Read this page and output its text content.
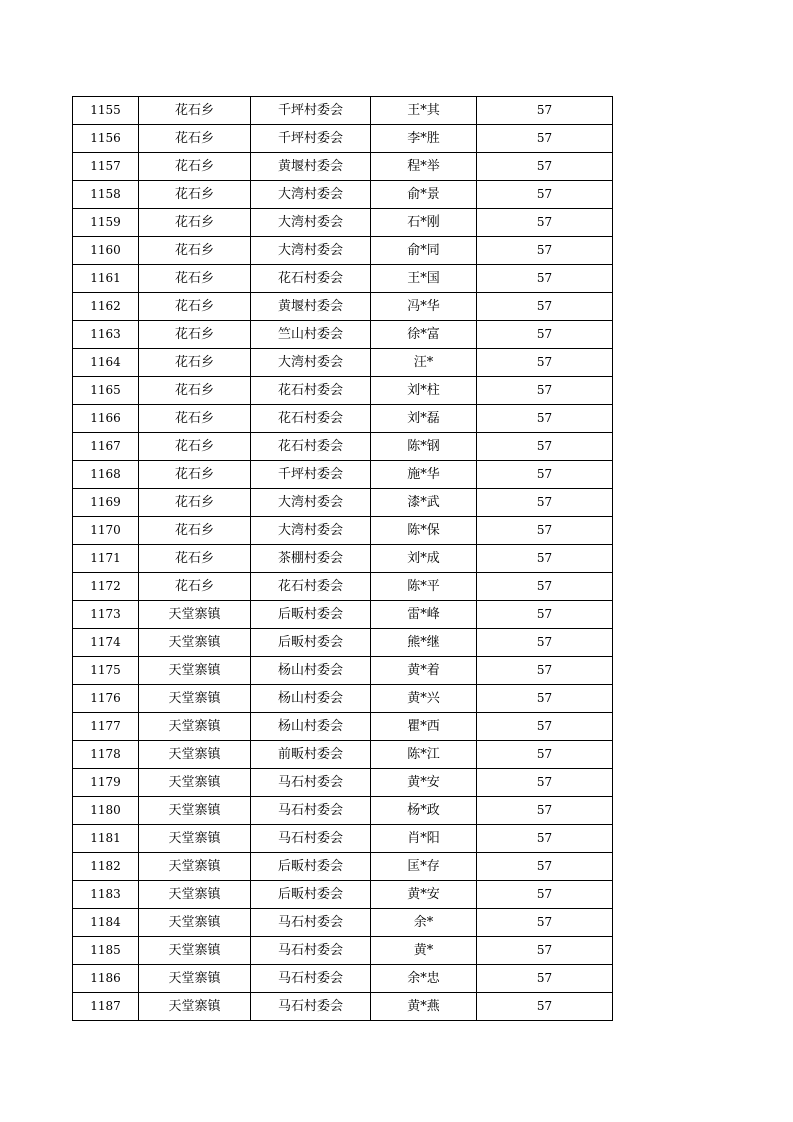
1155	花石乡	千坪村委会	王*其	57
1156	花石乡	千坪村委会	李*胜	57
1157	花石乡	黄堰村委会	程*举	57
1158	花石乡	大湾村委会	俞*景	57
1159	花石乡	大湾村委会	石*刚	57
1160	花石乡	大湾村委会	俞*同	57
1161	花石乡	花石村委会	王*国	57
1162	花石乡	黄堰村委会	冯*华	57
1163	花石乡	竺山村委会	徐*富	57
1164	花石乡	大湾村委会	汪*	57
1165	花石乡	花石村委会	刘*柱	57
1166	花石乡	花石村委会	刘*磊	57
1167	花石乡	花石村委会	陈*钢	57
1168	花石乡	千坪村委会	施*华	57
1169	花石乡	大湾村委会	漆*武	57
1170	花石乡	大湾村委会	陈*保	57
1171	花石乡	茶棚村委会	刘*成	57
1172	花石乡	花石村委会	陈*平	57
1173	天堂寨镇	后畈村委会	雷*峰	57
1174	天堂寨镇	后畈村委会	熊*继	57
1175	天堂寨镇	杨山村委会	黄*着	57
1176	天堂寨镇	杨山村委会	黄*兴	57
1177	天堂寨镇	杨山村委会	瞿*西	57
1178	天堂寨镇	前畈村委会	陈*江	57
1179	天堂寨镇	马石村委会	黄*安	57
1180	天堂寨镇	马石村委会	杨*政	57
1181	天堂寨镇	马石村委会	肖*阳	57
1182	天堂寨镇	后畈村委会	匡*存	57
1183	天堂寨镇	后畈村委会	黄*安	57
1184	天堂寨镇	马石村委会	余*	57
1185	天堂寨镇	马石村委会	黄*	57
1186	天堂寨镇	马石村委会	余*忠	57
1187	天堂寨镇	马石村委会	黄*燕	57
